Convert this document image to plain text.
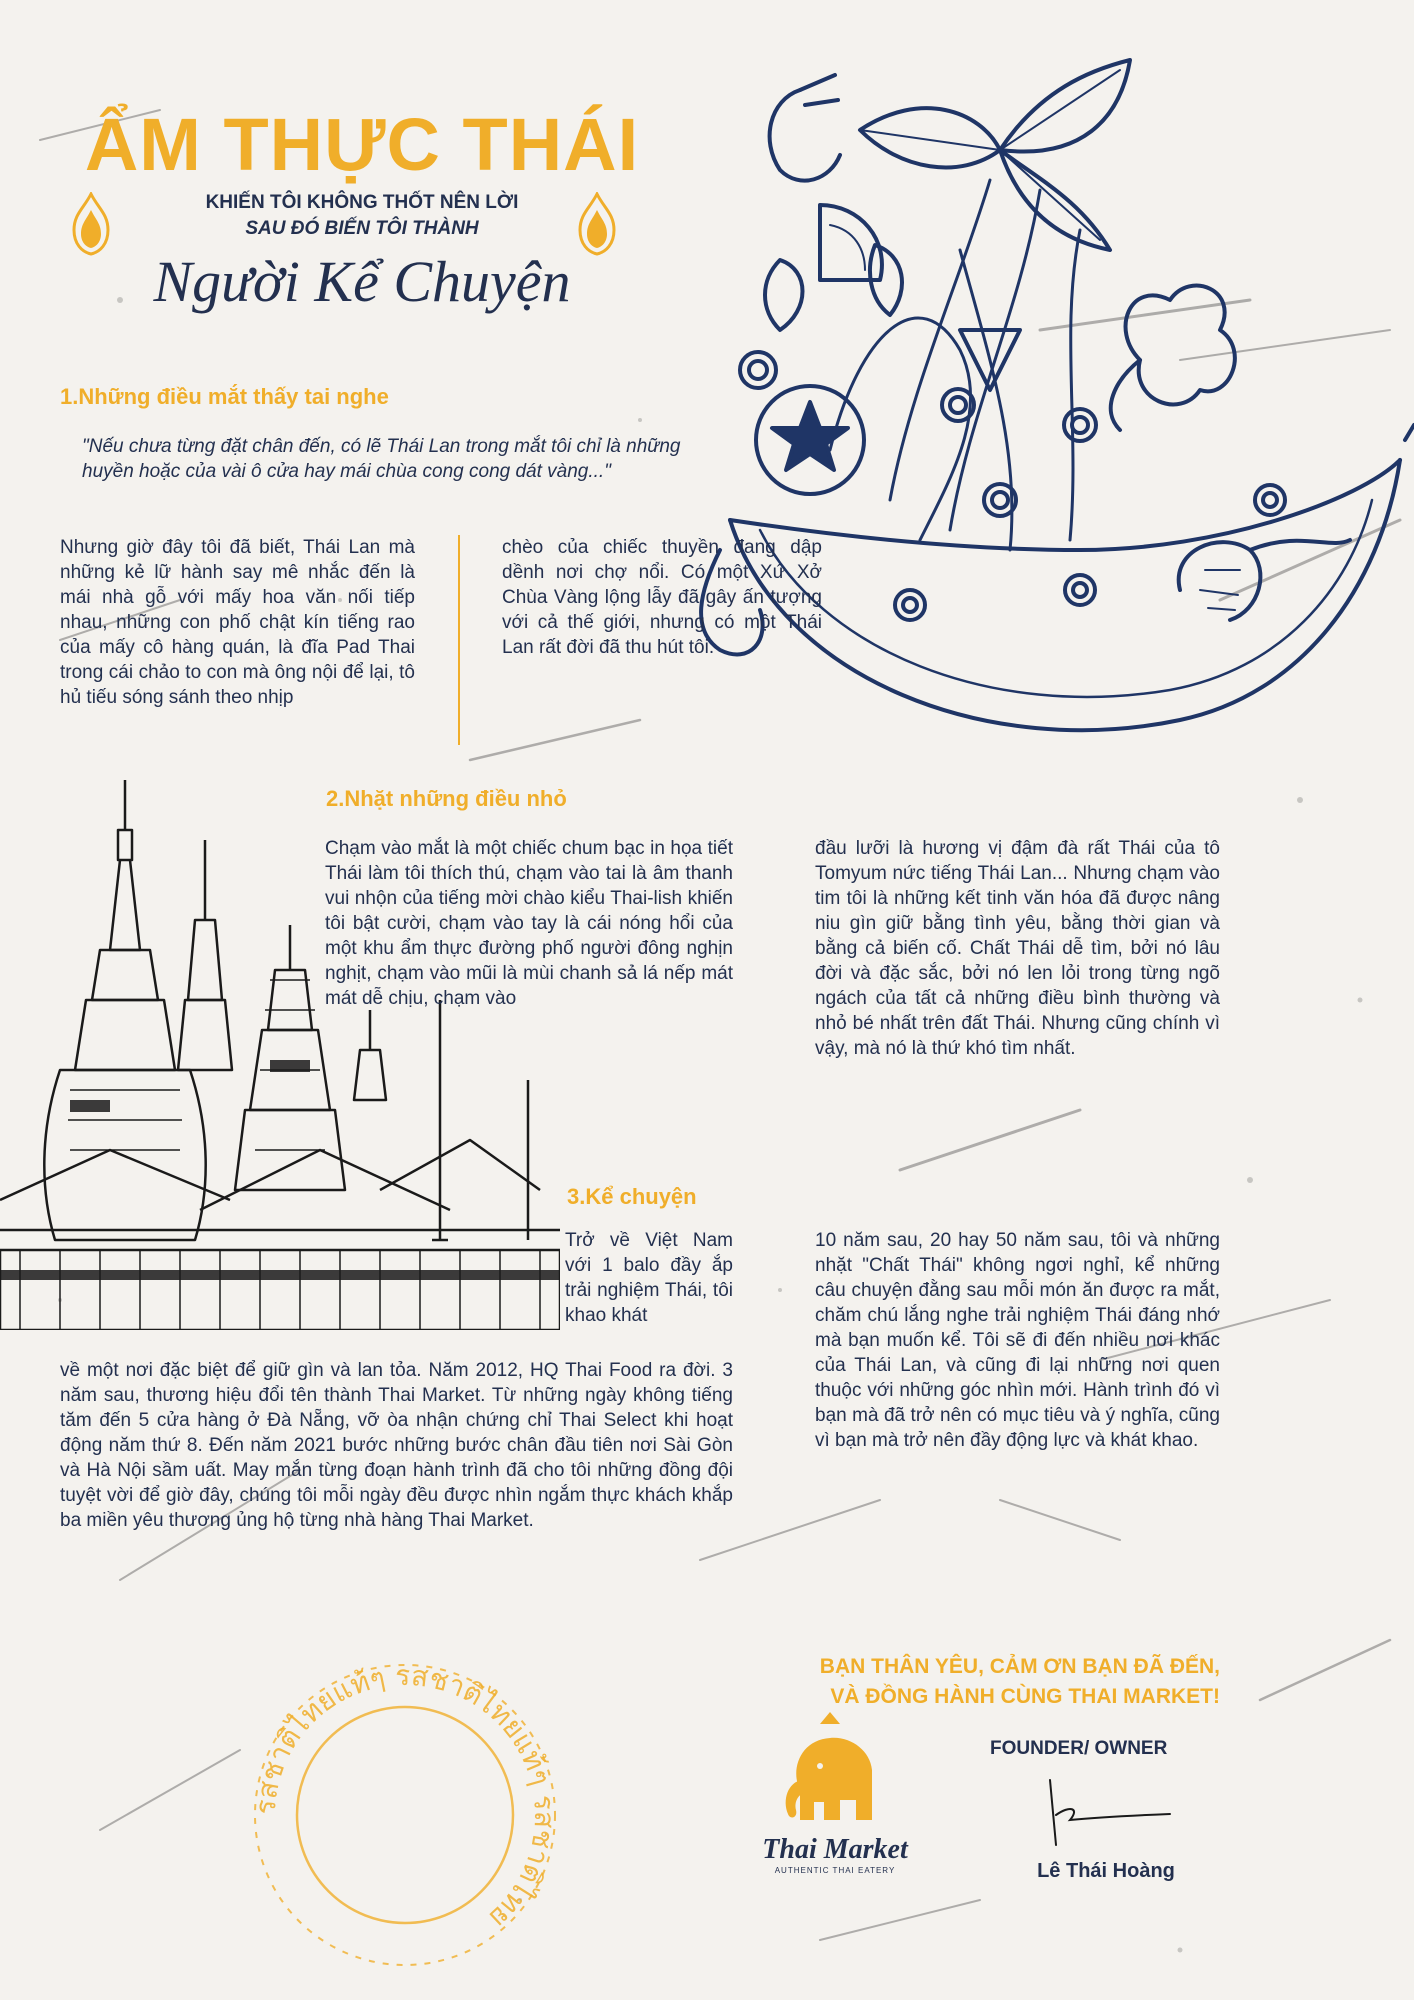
ẨM THỰC THÁI
KHIẾN TÔI KHÔNG THỐT NÊN LỜI
SAU ĐÓ BIẾN TÔI THÀNH
Người Kể Chuyện
1.Những điều mắt thấy tai nghe
"Nếu chưa từng đặt chân đến, có lẽ Thái Lan trong mắt tôi chỉ là những huyền hoặc của vài ô cửa hay mái chùa cong cong dát vàng..."
Nhưng giờ đây tôi đã biết, Thái Lan mà những kẻ lữ hành say mê nhắc đến là mái nhà gỗ với mấy hoa văn nối tiếp nhau, những con phố chật kín tiếng rao của mấy cô hàng quán, là đĩa Pad Thai trong cái chảo to con mà ông nội để lại, tô hủ tiếu sóng sánh theo nhịp
chèo của chiếc thuyền đang dập dềnh nơi chợ nổi. Có một Xứ Xở Chùa Vàng lộng lẫy đã gây ấn tượng với cả thế giới, nhưng có một Thái Lan rất đời đã thu hút tôi.
2.Nhặt những điều nhỏ
Chạm vào mắt là một chiếc chum bạc in họa tiết Thái làm tôi thích thú, chạm vào tai là âm thanh vui nhộn của tiếng mời chào kiểu Thai-lish khiến tôi bật cười, chạm vào tay là cái nóng hổi của một khu ẩm thực đường phố người đông nghịn nghịt, chạm vào mũi là mùi chanh sả lá nếp mát mát dễ chịu, chạm vào
đầu lưỡi là hương vị đậm đà rất Thái của tô Tomyum nức tiếng Thái Lan... Nhưng chạm vào tim tôi là những kết tinh văn hóa đã được nâng niu gìn giữ bằng tình yêu, bằng thời gian và bằng cả biến cố. Chất Thái dễ tìm, bởi nó lâu đời và đặc sắc, bởi nó len lỏi trong từng ngõ ngách của tất cả những điều bình thường và nhỏ bé nhất trên đất Thái. Nhưng cũng chính vì vậy, mà nó là thứ khó tìm nhất.
3.Kể chuyện
Trở về Việt Nam với 1 balo đầy ắp trải nghiệm Thái, tôi khao khát
về một nơi đặc biệt để giữ gìn và lan tỏa. Năm 2012, HQ Thai Food ra đời. 3 năm sau, thương hiệu đổi tên thành Thai Market. Từ những ngày không tiếng tăm đến 5 cửa hàng ở Đà Nẵng, vỡ òa nhận chứng chỉ Thai Select khi hoạt động năm thứ 8. Đến năm 2021 bước những bước chân đầu tiên nơi Sài Gòn và Hà Nội sầm uất. May mắn từng đoạn hành trình đã cho tôi những đồng đội tuyệt vời để giờ đây, chúng tôi mỗi ngày đều được nhìn ngắm thực khách khắp ba miền yêu thương ủng hộ từng nhà hàng Thai Market.
10 năm sau, 20 hay 50 năm sau, tôi và những nhặt "Chất Thái" không ngơi nghỉ, kể những câu chuyện đằng sau mỗi món ăn được ra mắt, chăm chú lắng nghe trải nghiệm Thái đáng nhớ mà bạn muốn kể. Tôi sẽ đi đến nhiều nơi khác của Thái Lan, và cũng đi lại những nơi quen thuộc với những góc nhìn mới. Hành trình đó vì bạn mà đã trở nên có mục tiêu và ý nghĩa, cũng vì bạn mà trở nên đầy động lực và khát khao.
BẠN THÂN YÊU, CẢM ƠN BẠN ĐÃ ĐẾN,
VÀ ĐỒNG HÀNH CÙNG THAI MARKET!
รสชาติไทยแท้ๆ รสชาติไทยแท้ๆ รสชาติไทย
Thai Market
AUTHENTIC THAI EATERY
FOUNDER/ OWNER
Lê Thái Hoàng
